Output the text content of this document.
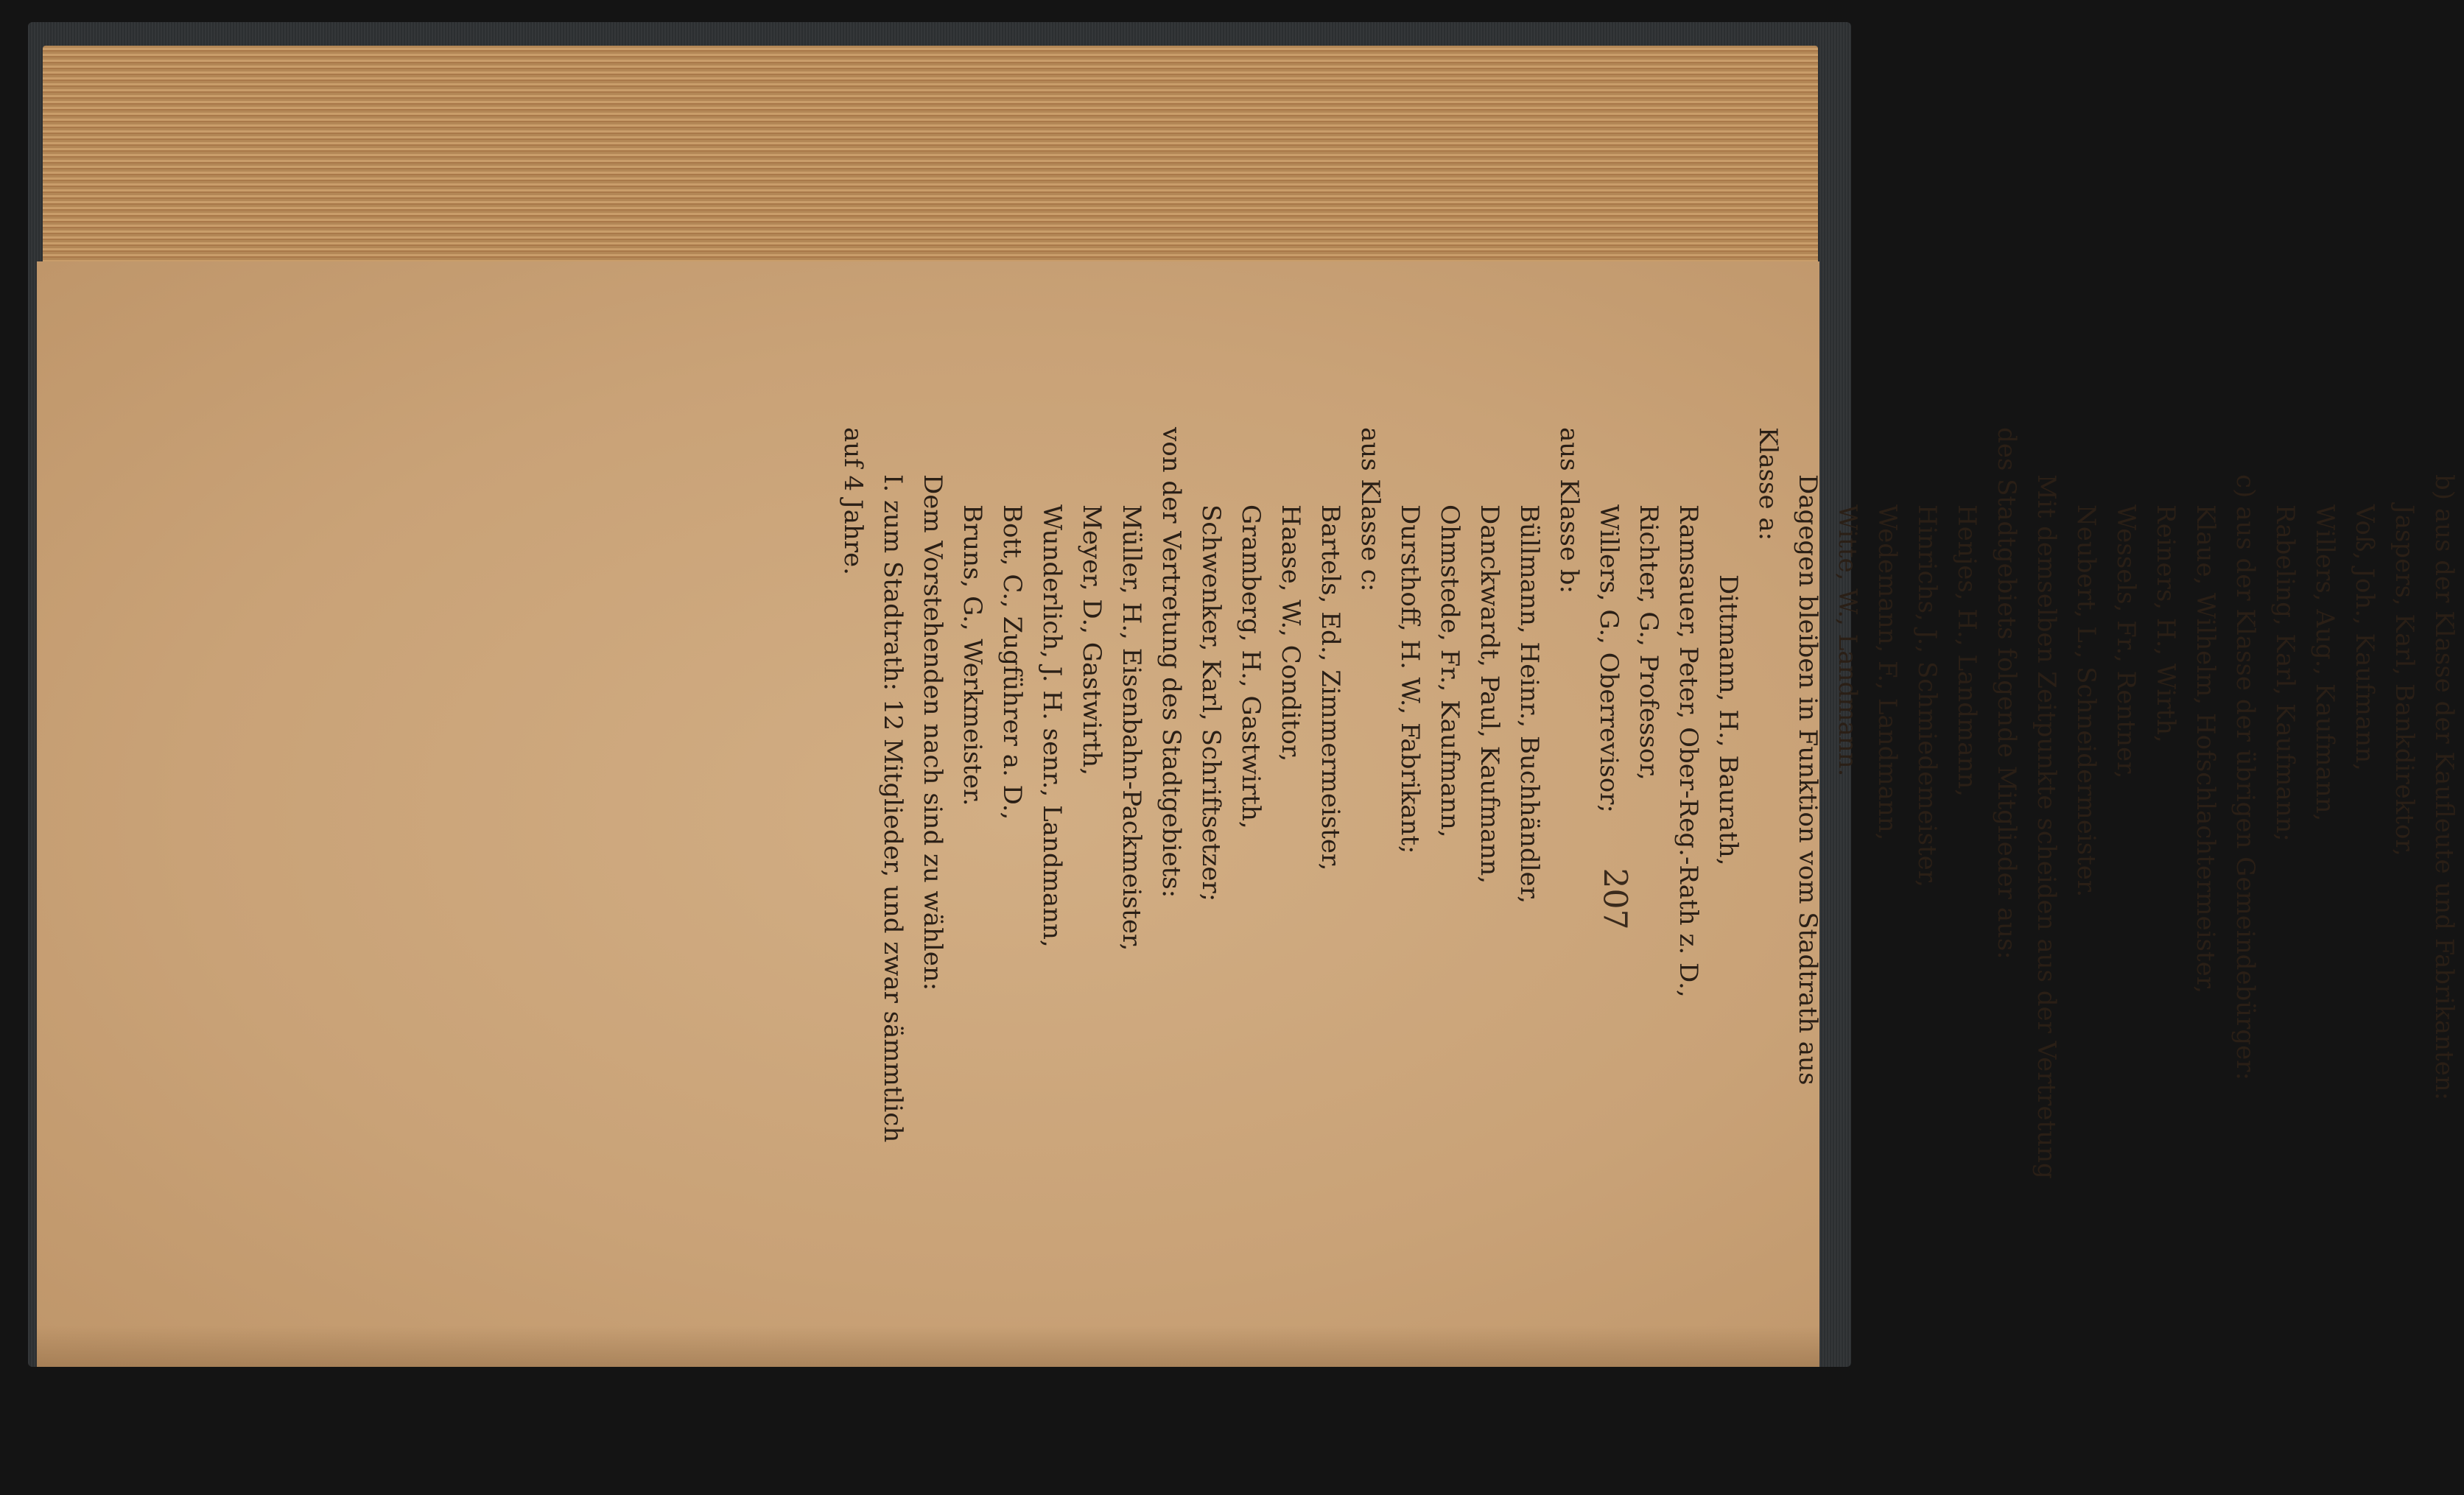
207	b) aus der Klasse der Kaufleute und Fabrikanten:
Jaspers, Karl, Bankdirektor,
Voß, Joh., Kaufmann,
Willers, Aug., Kaufmann,
Rabeling, Karl, Kaufmann;
c) aus der Klasse der übrigen Gemeindebürger:
Klaue, Wilhelm, Hofschlachtermeister,
Reiners, H., Wirth,
Wessels, Fr., Rentner,
Neubert, L., Schneidermeister.
Mit demselben Zeitpunkte scheiden aus der Vertretung
des Stadtgebiets folgende Mitglieder aus:
Henjes, H., Landmann,
Hinrichs, J., Schmiedemeister,
Wedemann, F., Landmann,
Witte, W., Landmann.
Dagegen bleiben in Funktion vom Stadtrath aus
Klasse a:
Dittmann, H., Baurath,
Ramsauer, Peter, Ober-Reg.-Rath z. D.,
Richter, G., Professor,
Willers, G., Oberrevisor;
aus Klasse b:
Büllmann, Heinr., Buchhändler,
Danckwardt, Paul, Kaufmann,
Ohmstede, Fr., Kaufmann,
Dursthoff, H. W., Fabrikant;
aus Klasse c:
Bartels, Ed., Zimmermeister,
Haase, W., Conditor,
Gramberg, H., Gastwirth,
Schwenker, Karl, Schriftsetzer;
von der Vertretung des Stadtgebiets:
Müller, H., Eisenbahn-Packmeister,
Meyer, D., Gastwirth,
Wunderlich, J. H. senr., Landmann,
Bott, C., Zugführer a. D.,
Bruns, G., Werkmeister.
Dem Vorstehenden nach sind zu wählen:
I. zum Stadtrath: 12 Mitglieder, und zwar sämmtlich
auf 4 Jahre.
